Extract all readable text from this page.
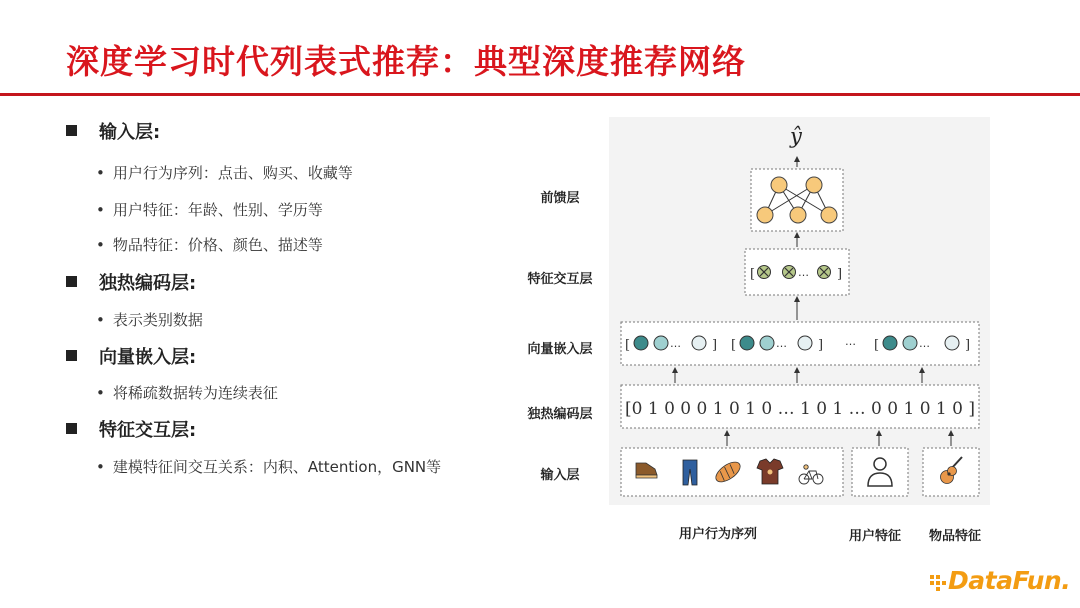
深度学习时代列表式推荐：典型深度推荐网络
输入层:
• 用户行为序列：点击、购买、收藏等
• 用户特征：年龄、性别、学历等
• 物品特征：价格、颜色、描述等
独热编码层:
• 表示类别数据
向量嵌入层:
• 将稀疏数据转为连续表征
特征交互层:
• 建模特征间交互关系：内积、Attention，GNN等
前馈层
特征交互层
向量嵌入层
独热编码层
输入层
[	… ]
[	] [	]	[	]
…	…	…	…
[0 1 0 0 0 1 0 1 0 … 1 0 1 … 0 0 1 0 1 0 ]
ŷ
用户行为序列	用户特征 物品特征
DataFun.
